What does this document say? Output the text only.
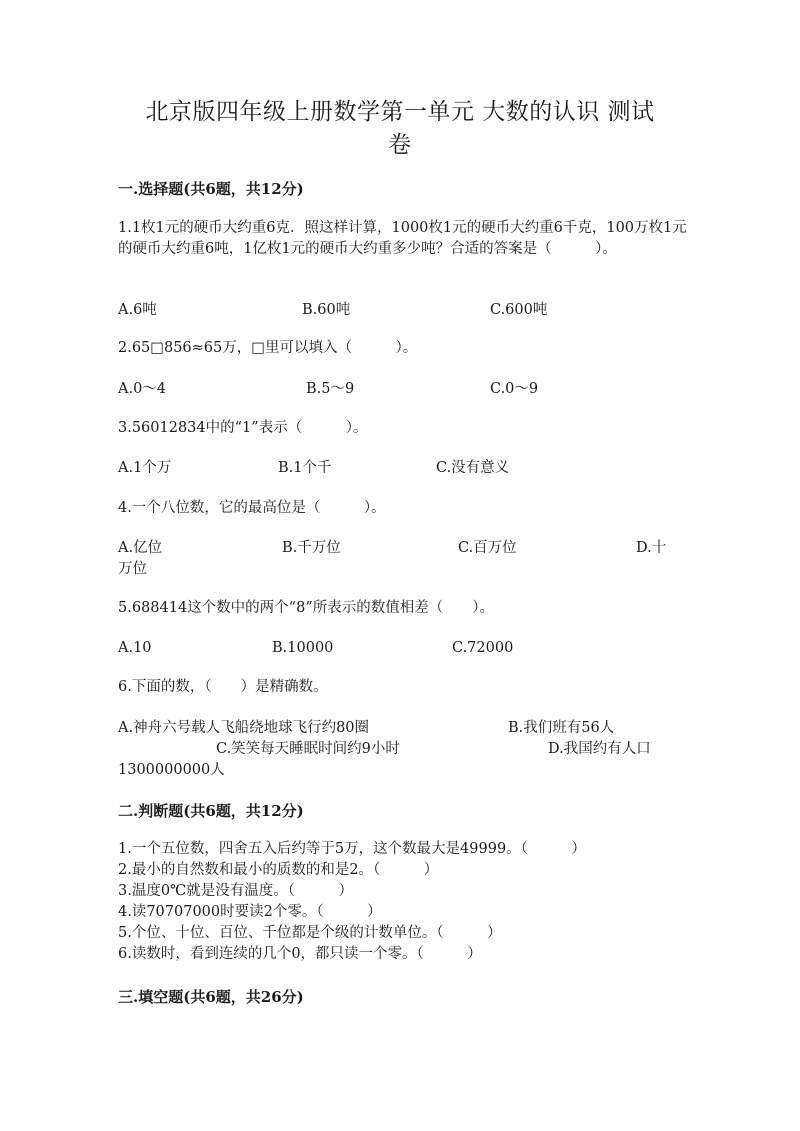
北京版四年级上册数学第一单元 大数的认识 测试
卷
一.选择题(共6题，共12分)
1.1枚1元的硬币大约重6克．照这样计算，1000枚1元的硬币大约重6千克，100万枚1元的硬币大约重6吨，1亿枚1元的硬币大约重多少吨？合适的答案是（　　　）。
A.6吨	B.60吨	C.600吨
2.65□856≈65万，□里可以填入（　　　）。
A.0～4	B.5～9	C.0～9
3.56012834中的“1”表示（　　　）。
A.1个万	B.1个千	C.没有意义
4.一个八位数，它的最高位是（　　　）。
A.亿位	B.千万位	C.百万位	D.十
万位
5.688414这个数中的两个“8”所表示的数值相差（　　）。
A.10	B.10000	C.72000
6.下面的数，（　　）是精确数。
A.神舟六号载人飞船绕地球飞行约80圈	B.我们班有56人
C.笑笑每天睡眠时间约9小时	D.我国约有人口
1300000000人
二.判断题(共6题，共12分)
1.一个五位数，四舍五入后约等于5万，这个数最大是49999。（　　　）
2.最小的自然数和最小的质数的和是2。（　　　）
3.温度0℃就是没有温度。（　　　）
4.读70707000时要读2个零。（　　　）
5.个位、十位、百位、千位都是个级的计数单位。（　　　）
6.读数时，看到连续的几个0，都只读一个零。（　　　）
三.填空题(共6题，共26分)
